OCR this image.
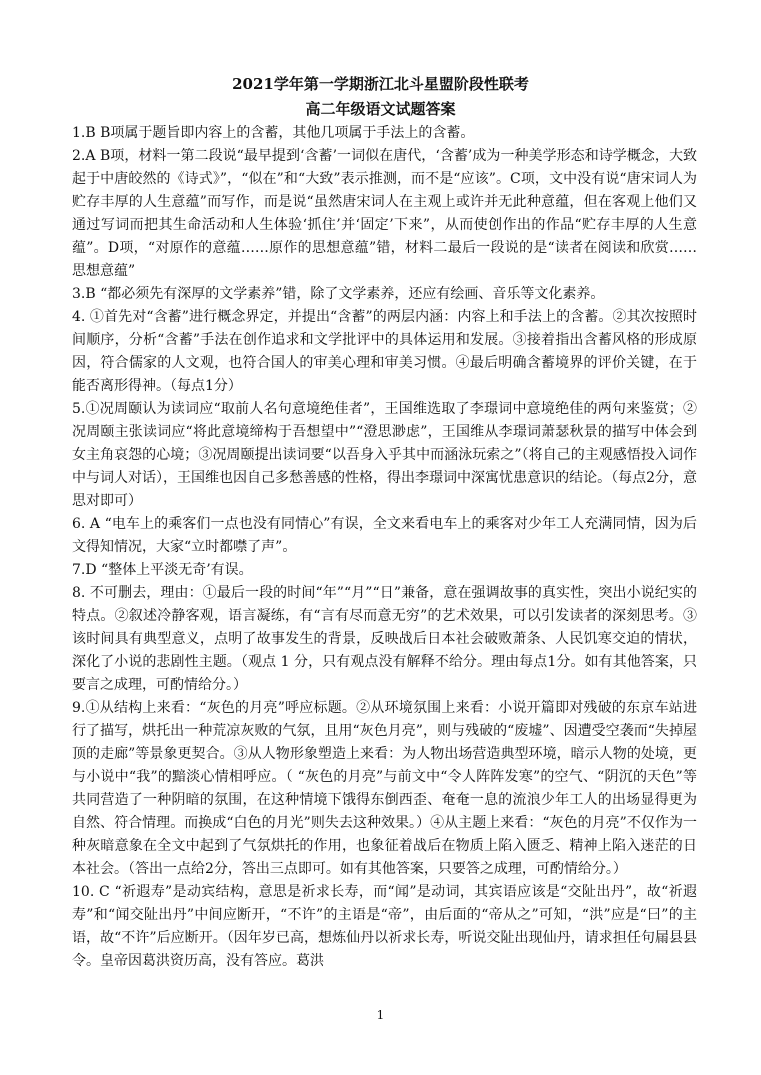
2021学年第一学期浙江北斗星盟阶段性联考
高二年级语文试题答案

1.B B项属于题旨即内容上的含蓄，其他几项属于手法上的含蓄。

2.A B项，材料一第二段说“最早提到‘含蓄’一词似在唐代，‘含蓄’成为一种美学形态和诗学概念，大致起于中唐皎然的《诗式》”，“似在”和“大致”表示推测，而不是“应该”。C项，文中没有说“唐宋词人为贮存丰厚的人生意蕴”而写作，而是说“虽然唐宋词人在主观上或许并无此种意蕴，但在客观上他们又通过写词而把其生命活动和人生体验‘抓住’并‘固定’下来”，从而使创作出的作品“贮存丰厚的人生意蕴”。D项，“对原作的意蕴……原作的思想意蕴”错，材料二最后一段说的是“读者在阅读和欣赏……思想意蕴”

3.B “都必须先有深厚的文学素养”错，除了文学素养，还应有绘画、音乐等文化素养。

4. ①首先对“含蓄”进行概念界定，并提出“含蓄”的两层内涵：内容上和手法上的含蓄。②其次按照时间顺序，分析“含蓄”手法在创作追求和文学批评中的具体运用和发展。③接着指出含蓄风格的形成原因，符合儒家的人文观，也符合国人的审美心理和审美习惯。④最后明确含蓄境界的评价关键，在于能否离形得神。（每点1分）

5.①况周颐认为读词应“取前人名句意境绝佳者”，王国维选取了李璟词中意境绝佳的两句来鉴赏；②况周颐主张读词应“将此意境缔构于吾想望中”“澄思渺虑”，王国维从李璟词萧瑟秋景的描写中体会到女主角哀怨的心境；③况周颐提出读词要“以吾身入乎其中而涵泳玩索之”（将自己的主观感悟投入词作中与词人对话），王国维也因自己多愁善感的性格，得出李璟词中深寓忧患意识的结论。（每点2分，意思对即可）

6. A “电车上的乘客们一点也没有同情心”有误，全文来看电车上的乘客对少年工人充满同情，因为后文得知情况，大家“立时都噤了声”。

7.D “整体上平淡无奇’有误。

8. 不可删去，理由：①最后一段的时间“年”“月”“日”兼备，意在强调故事的真实性，突出小说纪实的特点。②叙述冷静客观，语言凝练，有“言有尽而意无穷”的艺术效果，可以引发读者的深刻思考。③该时间具有典型意义，点明了故事发生的背景，反映战后日本社会破败萧条、人民饥寒交迫的情状，深化了小说的悲剧性主题。（观点 1 分，只有观点没有解释不给分。理由每点1分。如有其他答案，只要言之成理，可酌情给分。）

9.①从结构上来看：“灰色的月亮”呼应标题。②从环境氛围上来看：小说开篇即对残破的东京车站进行了描写，烘托出一种荒凉灰败的气氛，且用“灰色月亮”，则与残破的“废墟”、因遭受空袭而“失掉屋顶的走廊”等景象更契合。③从人物形象塑造上来看：为人物出场营造典型环境，暗示人物的处境，更与小说中“我”的黯淡心情相呼应。（ “灰色的月亮”与前文中“令人阵阵发寒”的空气、“阴沉的天色”等共同营造了一种阴暗的氛围，在这种情境下饿得东倒西歪、奄奄一息的流浪少年工人的出场显得更为自然、符合情理。而换成“白色的月光”则失去这种效果。）④从主题上来看：“灰色的月亮”不仅作为一种灰暗意象在全文中起到了气氛烘托的作用，也象征着战后在物质上陷入匮乏、精神上陷入迷茫的日本社会。（答出一点给2分，答出三点即可。如有其他答案，只要答之成理，可酌情给分。）

10. C “祈遐寿”是动宾结构，意思是祈求长寿，而“闻”是动词，其宾语应该是“交阯出丹”，故“祈遐寿”和“闻交阯出丹”中间应断开，“不许”的主语是“帝”，由后面的“帝从之”可知，“洪”应是“曰”的主语，故“不许”后应断开。（因年岁已高，想炼仙丹以祈求长寿，听说交阯出现仙丹，请求担任句屚县县令。皇帝因葛洪资历高，没有答应。葛洪

1
